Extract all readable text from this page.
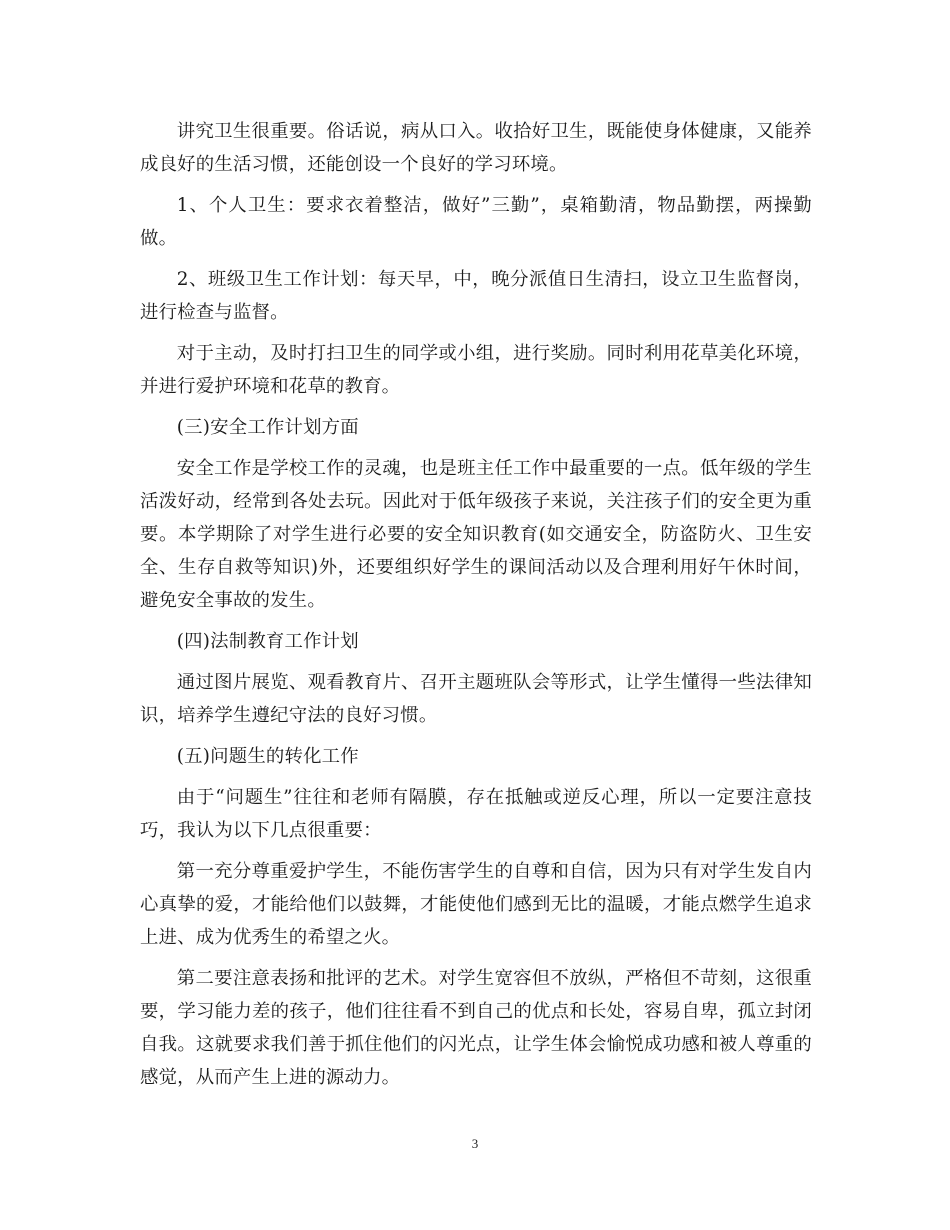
讲究卫生很重要。俗话说，病从口入。收拾好卫生，既能使身体健康，又能养成良好的生活习惯，还能创设一个良好的学习环境。

1、个人卫生：要求衣着整洁，做好”三勤”，桌箱勤清，物品勤摆，两操勤做。

2、班级卫生工作计划：每天早，中，晚分派值日生清扫，设立卫生监督岗，进行检查与监督。

对于主动，及时打扫卫生的同学或小组，进行奖励。同时利用花草美化环境，并进行爱护环境和花草的教育。

(三)安全工作计划方面

安全工作是学校工作的灵魂，也是班主任工作中最重要的一点。低年级的学生活泼好动，经常到各处去玩。因此对于低年级孩子来说，关注孩子们的安全更为重要。本学期除了对学生进行必要的安全知识教育(如交通安全，防盗防火、卫生安全、生存自救等知识)外，还要组织好学生的课间活动以及合理利用好午休时间，避免安全事故的发生。

(四)法制教育工作计划

通过图片展览、观看教育片、召开主题班队会等形式，让学生懂得一些法律知识，培养学生遵纪守法的良好习惯。

(五)问题生的转化工作

由于“问题生”往往和老师有隔膜，存在抵触或逆反心理，所以一定要注意技巧，我认为以下几点很重要：

第一充分尊重爱护学生，不能伤害学生的自尊和自信，因为只有对学生发自内心真挚的爱，才能给他们以鼓舞，才能使他们感到无比的温暖，才能点燃学生追求上进、成为优秀生的希望之火。

第二要注意表扬和批评的艺术。对学生宽容但不放纵，严格但不苛刻，这很重要，学习能力差的孩子，他们往往看不到自己的优点和长处，容易自卑，孤立封闭自我。这就要求我们善于抓住他们的闪光点，让学生体会愉悦成功感和被人尊重的感觉，从而产生上进的源动力。

3
